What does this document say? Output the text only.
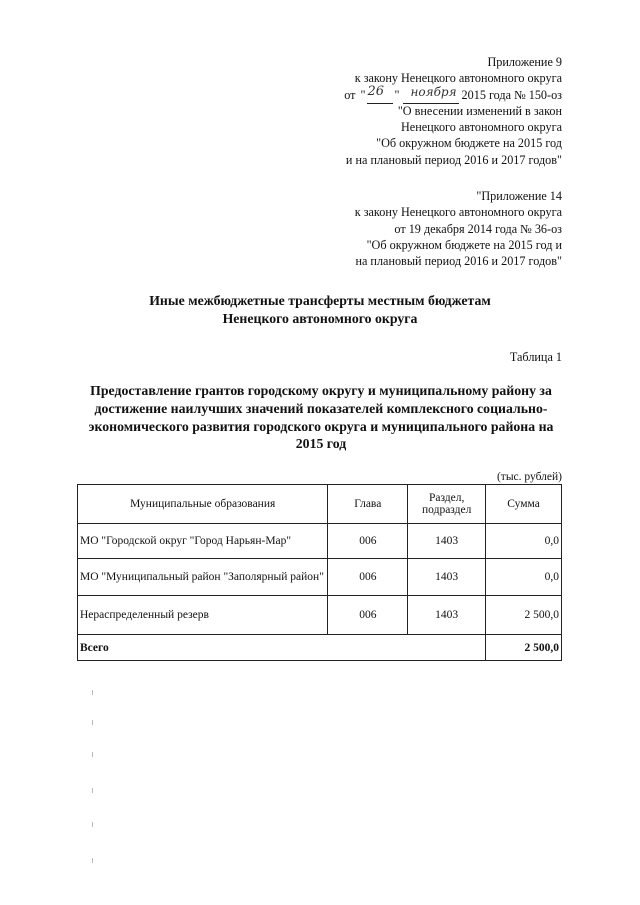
Приложение 9
к закону Ненецкого автономного округа
от " 26 " ноября 2015 года № 150-оз
"О внесении изменений в закон
Ненецкого автономного округа
"Об окружном бюджете на 2015 год
и на плановый период 2016 и 2017 годов"
"Приложение 14
к закону Ненецкого автономного округа
от 19 декабря 2014 года № 36-оз
"Об окружном бюджете на 2015 год и
на плановый период 2016 и 2017 годов"
Иные межбюджетные трансферты местным бюджетам
Ненецкого автономного округа
Таблица 1
Предоставление грантов городскому округу и муниципальному району за
достижение наилучших значений показателей комплексного социально-
экономического развития городского округа и муниципального района на
2015 год
(тыс. рублей)
Муниципальные образования	Глава	Раздел, подраздел	Сумма
МО "Городской округ "Город Нарьян-Мар"	006	1403	0,0
МО "Муниципальный район "Заполярный район"	006	1403	0,0
Нераспределенный резерв	006	1403	2 500,0
Всего			2 500,0
